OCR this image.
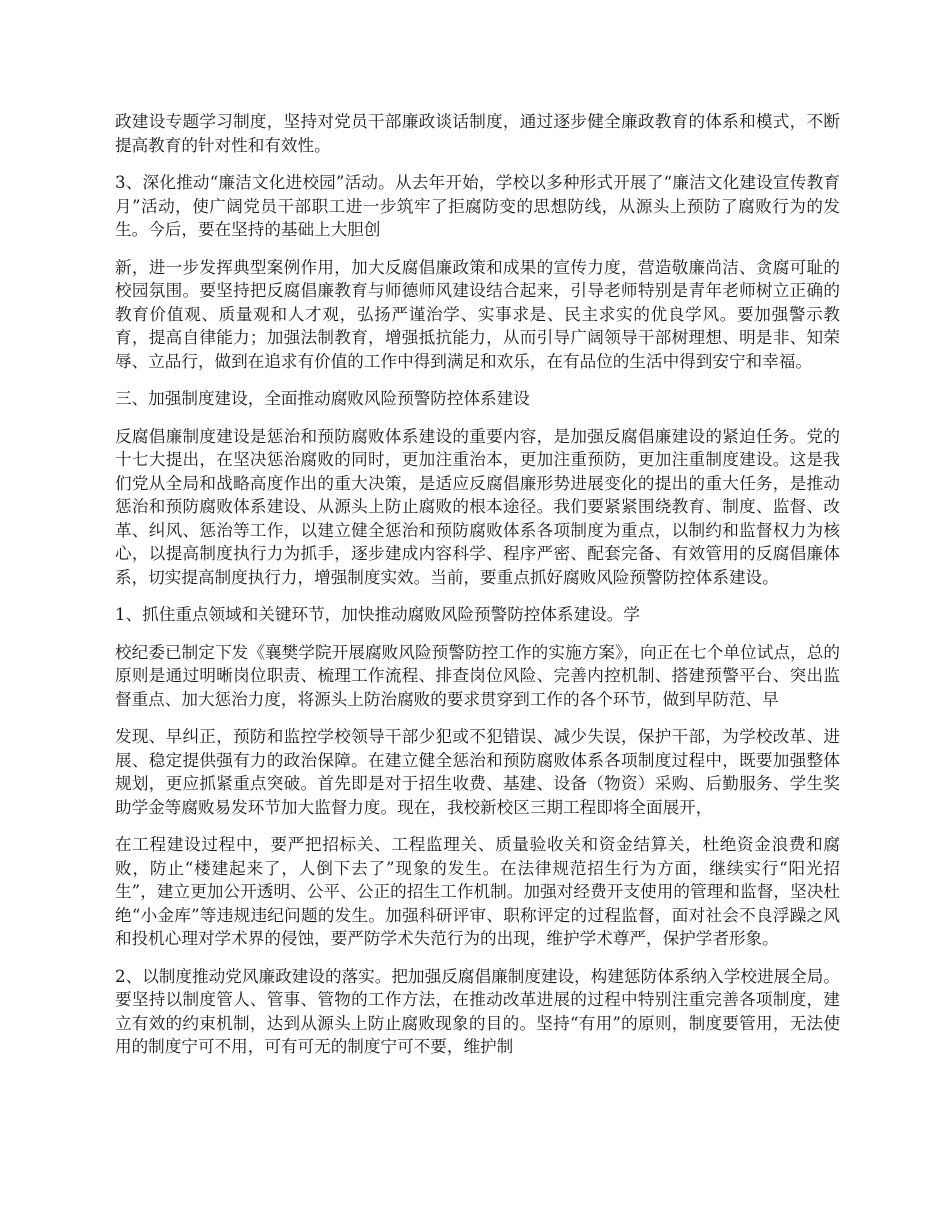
政建设专题学习制度，坚持对党员干部廉政谈话制度，通过逐步健全廉政教育的体系和模式，不断提高教育的针对性和有效性。

3、深化推动“廉洁文化进校园”活动。从去年开始，学校以多种形式开展了“廉洁文化建设宣传教育月”活动，使广阔党员干部职工进一步筑牢了拒腐防变的思想防线，从源头上预防了腐败行为的发生。今后，要在坚持的基础上大胆创

新，进一步发挥典型案例作用，加大反腐倡廉政策和成果的宣传力度，营造敬廉尚洁、贪腐可耻的校园氛围。要坚持把反腐倡廉教育与师德师风建设结合起来，引导老师特别是青年老师树立正确的教育价值观、质量观和人才观，弘扬严谨治学、实事求是、民主求实的优良学风。要加强警示教育，提高自律能力；加强法制教育，增强抵抗能力，从而引导广阔领导干部树理想、明是非、知荣辱、立品行，做到在追求有价值的工作中得到满足和欢乐，在有品位的生活中得到安宁和幸福。

三、加强制度建设，全面推动腐败风险预警防控体系建设

反腐倡廉制度建设是惩治和预防腐败体系建设的重要内容，是加强反腐倡廉建设的紧迫任务。党的十七大提出，在坚决惩治腐败的同时，更加注重治本，更加注重预防，更加注重制度建设。这是我们党从全局和战略高度作出的重大决策，是适应反腐倡廉形势进展变化的提出的重大任务，是推动惩治和预防腐败体系建设、从源头上防止腐败的根本途径。我们要紧紧围绕教育、制度、监督、改革、纠风、惩治等工作，以建立健全惩治和预防腐败体系各项制度为重点，以制约和监督权力为核心，以提高制度执行力为抓手，逐步建成内容科学、程序严密、配套完备、有效管用的反腐倡廉体系，切实提高制度执行力，增强制度实效。当前，要重点抓好腐败风险预警防控体系建设。

1、抓住重点领域和关键环节，加快推动腐败风险预警防控体系建设。学

校纪委已制定下发《襄樊学院开展腐败风险预警防控工作的实施方案》，向正在七个单位试点，总的原则是通过明晰岗位职责、梳理工作流程、排查岗位风险、完善内控机制、搭建预警平台、突出监督重点、加大惩治力度，将源头上防治腐败的要求贯穿到工作的各个环节，做到早防范、早

发现、早纠正，预防和监控学校领导干部少犯或不犯错误、减少失误，保护干部，为学校改革、进展、稳定提供强有力的政治保障。在建立健全惩治和预防腐败体系各项制度过程中，既要加强整体规划，更应抓紧重点突破。首先即是对于招生收费、基建、设备（物资）采购、后勤服务、学生奖助学金等腐败易发环节加大监督力度。现在，我校新校区三期工程即将全面展开，

在工程建设过程中，要严把招标关、工程监理关、质量验收关和资金结算关，杜绝资金浪费和腐败，防止“楼建起来了，人倒下去了”现象的发生。在法律规范招生行为方面，继续实行“阳光招生”，建立更加公开透明、公平、公正的招生工作机制。加强对经费开支使用的管理和监督，坚决杜绝“小金库”等违规违纪问题的发生。加强科研评审、职称评定的过程监督，面对社会不良浮躁之风和投机心理对学术界的侵蚀，要严防学术失范行为的出现，维护学术尊严，保护学者形象。

2、以制度推动党风廉政建设的落实。把加强反腐倡廉制度建设，构建惩防体系纳入学校进展全局。要坚持以制度管人、管事、管物的工作方法，在推动改革进展的过程中特别注重完善各项制度，建立有效的约束机制，达到从源头上防止腐败现象的目的。坚持“有用”的原则，制度要管用，无法使用的制度宁可不用，可有可无的制度宁可不要，维护制
